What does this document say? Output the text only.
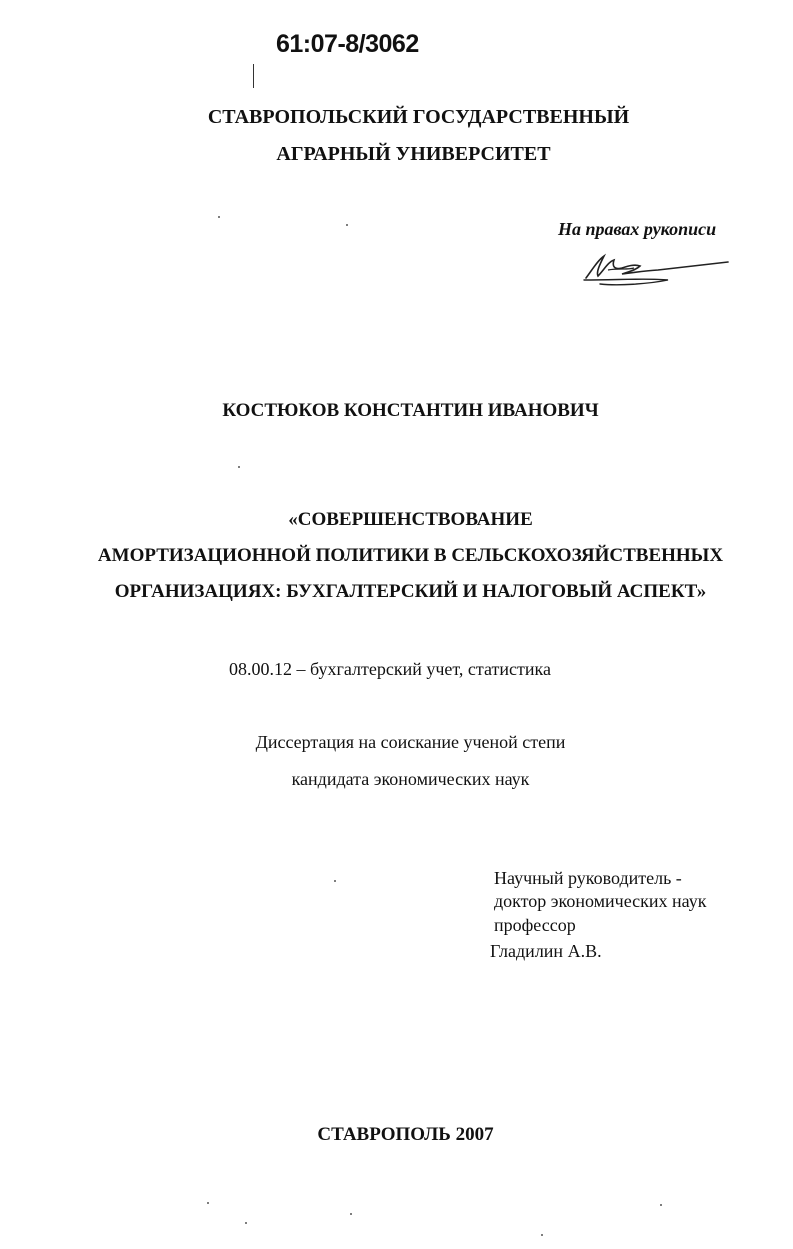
61:07-8/3062
СТАВРОПОЛЬСКИЙ ГОСУДАРСТВЕННЫЙ
АГРАРНЫЙ УНИВЕРСИТЕТ
На правах рукописи
КОСТЮКОВ КОНСТАНТИН ИВАНОВИЧ
«СОВЕРШЕНСТВОВАНИЕ
АМОРТИЗАЦИОННОЙ ПОЛИТИКИ В СЕЛЬСКОХОЗЯЙСТВЕННЫХ
ОРГАНИЗАЦИЯХ: БУХГАЛТЕРСКИЙ И НАЛОГОВЫЙ АСПЕКТ»
08.00.12 – бухгалтерский учет, статистика
Диссертация на соискание ученой степи
кандидата экономических наук
Научный руководитель -
доктор экономических наук
профессор
Гладилин А.В.
СТАВРОПОЛЬ 2007
